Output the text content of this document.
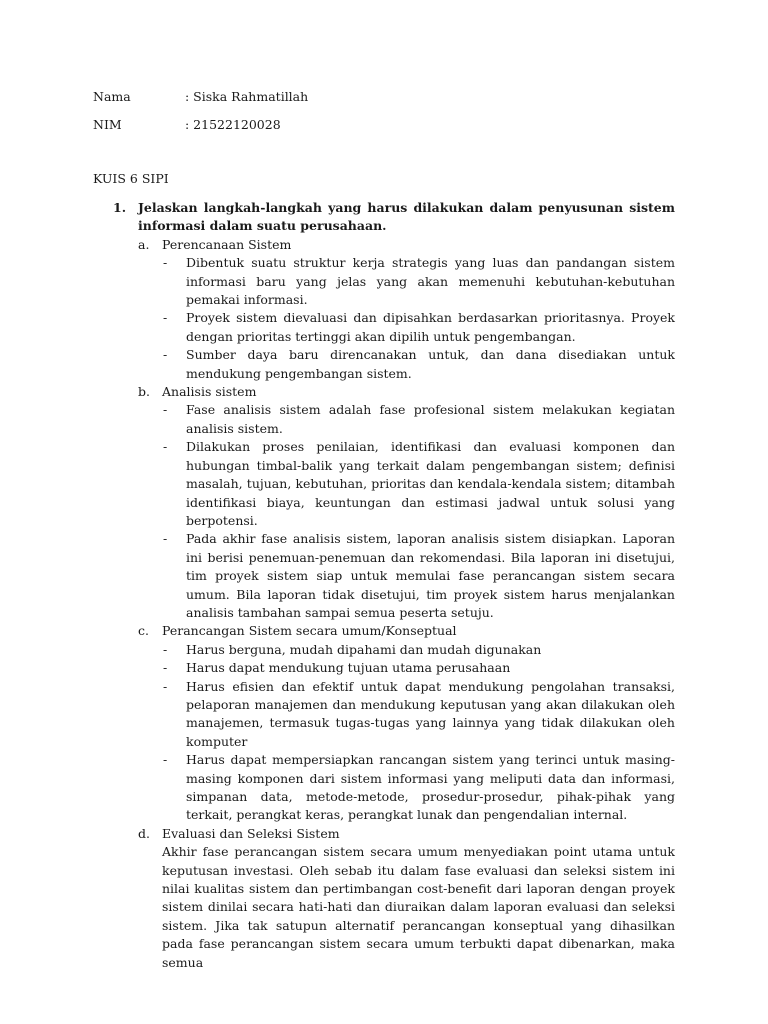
Nama	: Siska Rahmatillah
NIM	: 21522120028
KUIS 6 SIPI
1. Jelaskan langkah-langkah yang harus dilakukan dalam penyusunan sistem informasi dalam suatu perusahaan.
a. Perencanaan Sistem
- Dibentuk suatu struktur kerja strategis yang luas dan pandangan sistem informasi baru yang jelas yang akan memenuhi kebutuhan-kebutuhan pemakai informasi.
- Proyek sistem dievaluasi dan dipisahkan berdasarkan prioritasnya. Proyek dengan prioritas tertinggi akan dipilih untuk pengembangan.
- Sumber daya baru direncanakan untuk, dan dana disediakan untuk mendukung pengembangan sistem.
b. Analisis sistem
- Fase analisis sistem adalah fase profesional sistem melakukan kegiatan analisis sistem.
- Dilakukan proses penilaian, identifikasi dan evaluasi komponen dan hubungan timbal-balik yang terkait dalam pengembangan sistem; definisi masalah, tujuan, kebutuhan, prioritas dan kendala-kendala sistem; ditambah identifikasi biaya, keuntungan dan estimasi jadwal untuk solusi yang berpotensi.
- Pada akhir fase analisis sistem, laporan analisis sistem disiapkan. Laporan ini berisi penemuan-penemuan dan rekomendasi. Bila laporan ini disetujui, tim proyek sistem siap untuk memulai fase perancangan sistem secara umum. Bila laporan tidak disetujui, tim proyek sistem harus menjalankan analisis tambahan sampai semua peserta setuju.
c. Perancangan Sistem secara umum/Konseptual
- Harus berguna, mudah dipahami dan mudah digunakan
- Harus dapat mendukung tujuan utama perusahaan
- Harus efisien dan efektif untuk dapat mendukung pengolahan transaksi, pelaporan manajemen dan mendukung keputusan yang akan dilakukan oleh manajemen, termasuk tugas-tugas yang lainnya yang tidak dilakukan oleh komputer
- Harus dapat mempersiapkan rancangan sistem yang terinci untuk masing-masing komponen dari sistem informasi yang meliputi data dan informasi, simpanan data, metode-metode, prosedur-prosedur, pihak-pihak yang terkait, perangkat keras, perangkat lunak dan pengendalian internal.
d. Evaluasi dan Seleksi Sistem
Akhir fase perancangan sistem secara umum menyediakan point utama untuk keputusan investasi. Oleh sebab itu dalam fase evaluasi dan seleksi sistem ini nilai kualitas sistem dan pertimbangan cost-benefit dari laporan dengan proyek sistem dinilai secara hati-hati dan diuraikan dalam laporan evaluasi dan seleksi sistem. Jika tak satupun alternatif perancangan konseptual yang dihasilkan pada fase perancangan sistem secara umum terbukti dapat dibenarkan, maka semua
